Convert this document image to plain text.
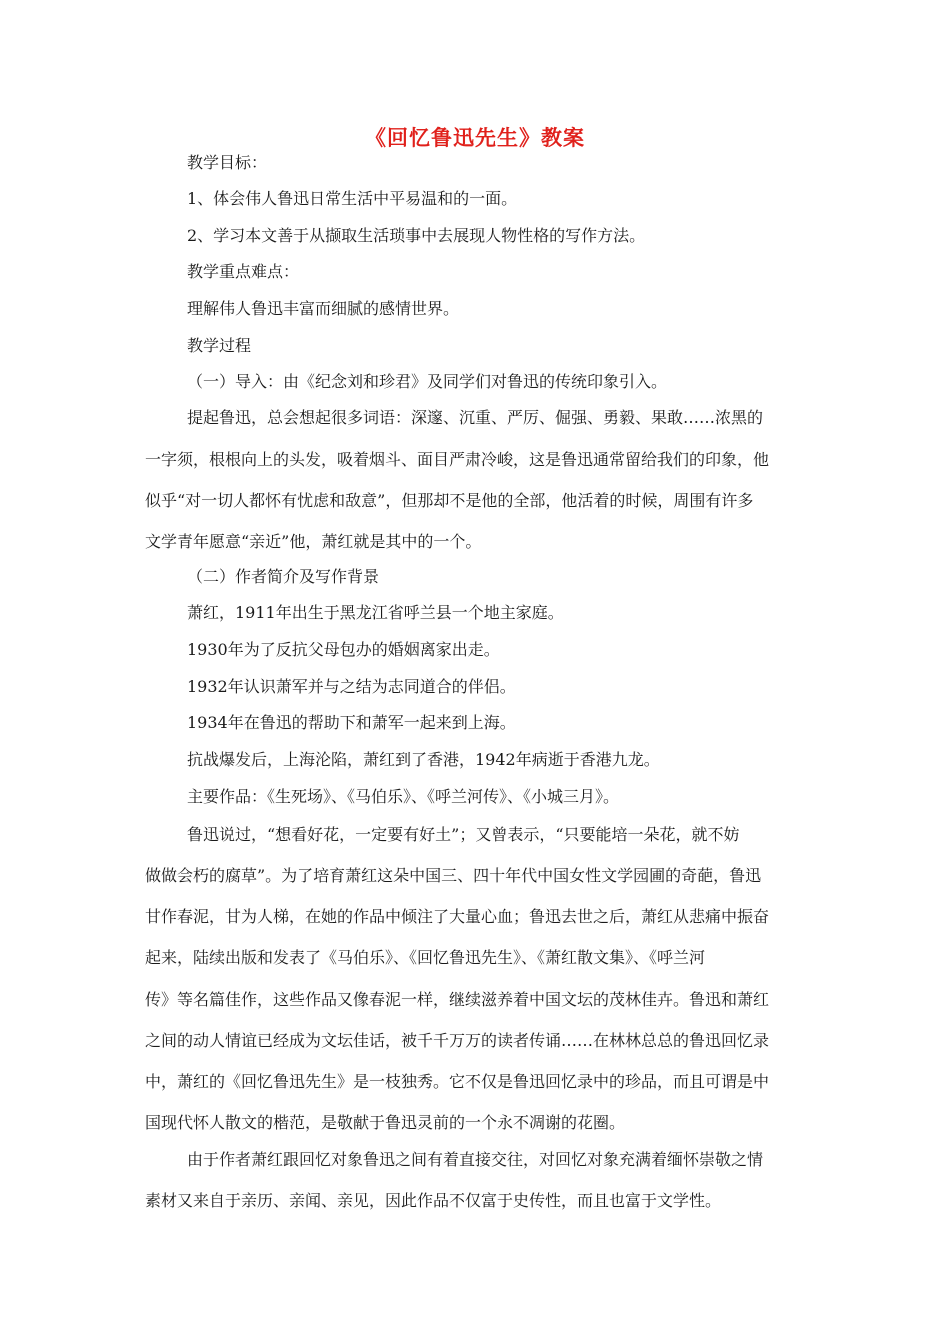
《回忆鲁迅先生》教案
教学目标：
1、体会伟人鲁迅日常生活中平易温和的一面。
2、学习本文善于从撷取生活琐事中去展现人物性格的写作方法。
教学重点难点：
理解伟人鲁迅丰富而细腻的感情世界。
教学过程
（一）导入：由《纪念刘和珍君》及同学们对鲁迅的传统印象引入。
提起鲁迅，总会想起很多词语：深邃、沉重、严厉、倔强、勇毅、果敢……浓黑的
一字须，根根向上的头发，吸着烟斗、面目严肃冷峻，这是鲁迅通常留给我们的印象，他
似乎“对一切人都怀有忧虑和敌意”，但那却不是他的全部，他活着的时候，周围有许多
文学青年愿意“亲近”他，萧红就是其中的一个。
（二）作者简介及写作背景
萧红，1911年出生于黑龙江省呼兰县一个地主家庭。
1930年为了反抗父母包办的婚姻离家出走。
1932年认识萧军并与之结为志同道合的伴侣。
1934年在鲁迅的帮助下和萧军一起来到上海。
抗战爆发后，上海沦陷，萧红到了香港，1942年病逝于香港九龙。
主要作品：《生死场》、《马伯乐》、《呼兰河传》、《小城三月》。
鲁迅说过，“想看好花，一定要有好土”；又曾表示，“只要能培一朵花，就不妨
做做会朽的腐草”。为了培育萧红这朵中国三、四十年代中国女性文学园圃的奇葩，鲁迅
甘作春泥，甘为人梯，在她的作品中倾注了大量心血；鲁迅去世之后，萧红从悲痛中振奋
起来，陆续出版和发表了《马伯乐》、《回忆鲁迅先生》、《萧红散文集》、《呼兰河
传》等名篇佳作，这些作品又像春泥一样，继续滋养着中国文坛的茂林佳卉。鲁迅和萧红
之间的动人情谊已经成为文坛佳话，被千千万万的读者传诵……在林林总总的鲁迅回忆录
中，萧红的《回忆鲁迅先生》是一枝独秀。它不仅是鲁迅回忆录中的珍品，而且可谓是中
国现代怀人散文的楷范，是敬献于鲁迅灵前的一个永不凋谢的花圈。
由于作者萧红跟回忆对象鲁迅之间有着直接交往，对回忆对象充满着缅怀崇敬之情
素材又来自于亲历、亲闻、亲见，因此作品不仅富于史传性，而且也富于文学性。
